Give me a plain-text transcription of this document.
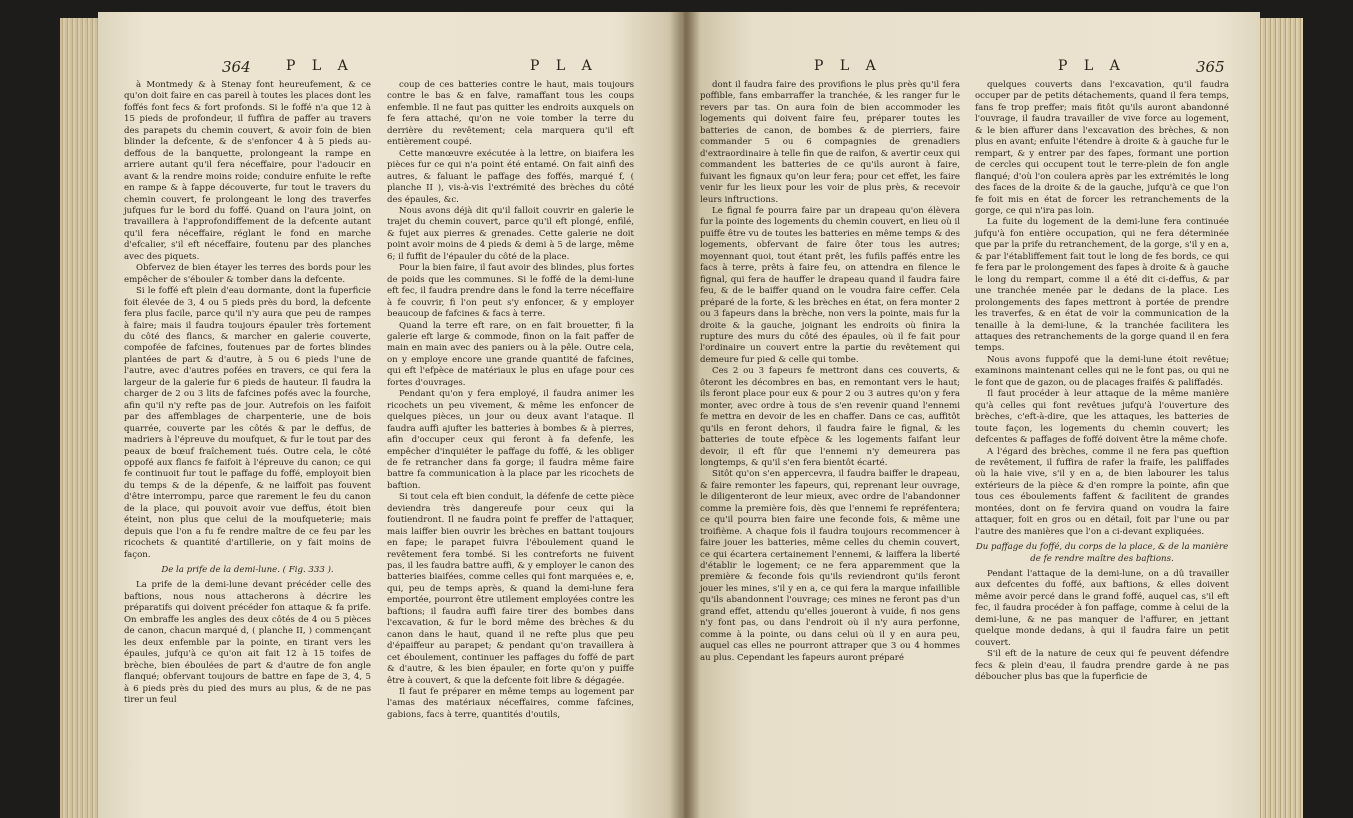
364	P L A	P L A	P L A	P L A	365

à Montmedy & à Stenay font heureufement, & ce qu'on doit faire en cas pareil à toutes les places dont les foffés font fecs & fort profonds. Si le foffé n'a que 12 à 15 pieds de profondeur, il fuffira de paffer au travers des parapets du chemin couvert, & avoir foin de bien blinder la defcente, & de s'enfoncer 4 à 5 pieds au-deffous de la banquette, prolongeant la rampe en arriere autant qu'il fera néceffaire, pour l'adoucir en avant & la rendre moins roide; conduire enfuite le refte en rampe & à fappe découverte, fur tout le travers du chemin couvert, fe prolongeant le long des traverfes jufques fur le bord du foffé. Quand on l'aura joint, on travaillera à l'approfondiffement de la defcente autant qu'il fera néceffaire, réglant le fond en marche d'efcalier, s'il eft néceffaire, foutenu par des planches avec des piquets.

Obfervez de bien étayer les terres des bords pour les empêcher de s'ébouler & tomber dans la defcente.

Si le foffé eft plein d'eau dormante, dont la fuperficie foit élevée de 3, 4 ou 5 pieds près du bord, la defcente fera plus facile, parce qu'il n'y aura que peu de rampes à faire; mais il faudra toujours épauler très fortement du côté des flancs, & marcher en galerie couverte, compofée de fafcines, foutenues par de fortes blindes plantées de part & d'autre, à 5 ou 6 pieds l'une de l'autre, avec d'autres pofées en travers, ce qui fera la largeur de la galerie fur 6 pieds de hauteur. Il faudra la charger de 2 ou 3 lits de fafcines pofés avec la fourche, afin qu'il n'y refte pas de jour. Autrefois on les faifoit par des affemblages de charpenterie, une de bois quarrée, couverte par les côtés & par le deffus, de madriers à l'épreuve du moufquet, & fur le tout par des peaux de bœuf fraîchement tués. Outre cela, le côté oppofé aux flancs fe faifoit à l'épreuve du canon; ce qui fe continuoit fur tout le paffage du foffé, employoit bien du temps & de la dépenfe, & ne laiffoit pas fouvent d'être interrompu, parce que rarement le feu du canon de la place, qui pouvoit avoir vue deffus, étoit bien éteint, non plus que celui de la moufqueterie; mais depuis que l'on a fu fe rendre maître de ce feu par les ricochets & quantité d'artillerie, on y fait moins de façon.

De la prife de la demi-lune. ( Fig. 333 ).

La prife de la demi-lune devant précéder celle des baftions, nous nous attacherons à décrire les préparatifs qui doivent précéder fon attaque & fa prife. On embraffe les angles des deux côtés de 4 ou 5 pièces de canon, chacun marqué d, ( planche II, ) commençant les deux enfemble par la pointe, en tirant vers les épaules, jufqu'à ce qu'on ait fait 12 à 15 toifes de brèche, bien éboulées de part & d'autre de fon angle flanqué; obfervant toujours de battre en fape de 3, 4, 5 à 6 pieds près du pied des murs au plus, & de ne pas tirer un feul

coup de ces batteries contre le haut, mais toujours contre le bas & en falve, ramaffant tous les coups enfemble. Il ne faut pas quitter les endroits auxquels on fe fera attaché, qu'on ne voie tomber la terre du derrière du revêtement; cela marquera qu'il eft entièrement coupé.

Cette manœuvre exécutée à la lettre, on biaifera les pièces fur ce qui n'a point été entamé. On fait ainfi des autres, & faluant le paffage des foffés, marqué f, ( planche II ), vis-à-vis l'extrémité des brèches du côté des épaules, &c.

Nous avons déjà dit qu'il falloit couvrir en galerie le trajet du chemin couvert, parce qu'il eft plongé, enfilé, & fujet aux pierres & grenades. Cette galerie ne doit point avoir moins de 4 pieds & demi à 5 de large, même 6; il fuffit de l'épauler du côté de la place.

Pour la bien faire, il faut avoir des blindes, plus fortes de poids que les communes. Si le foffé de la demi-lune eft fec, il faudra prendre dans le fond la terre néceffaire à fe couvrir, fi l'on peut s'y enfoncer, & y employer beaucoup de fafcines & facs à terre.

Quand la terre eft rare, on en fait brouetter, fi la galerie eft large & commode, finon on la fait paffer de main en main avec des paniers ou à la pêle. Outre cela, on y employe encore une grande quantité de fafcines, qui eft l'efpèce de matériaux le plus en ufage pour ces fortes d'ouvrages.

Pendant qu'on y fera employé, il faudra animer les ricochets un peu vivement, & même les enfoncer de quelques pièces, un jour ou deux avant l'ataque. Il faudra auffi ajufter les batteries à bombes & à pierres, afin d'occuper ceux qui feront à fa defenfe, les empêcher d'inquiéter le paffage du foffé, & les obliger de fe retrancher dans fa gorge; il faudra même faire battre fa communication à la place par les ricochets de baftion.

Si tout cela eft bien conduit, la défenfe de cette pièce deviendra très dangereufe pour ceux qui la foutiendront. Il ne faudra point fe preffer de l'attaquer, mais laiffer bien ouvrir les brèches en battant toujours en fape; le parapet fuivra l'éboulement quand le revêtement fera tombé. Si les contreforts ne fuivent pas, il les faudra battre auffi, & y employer le canon des batteries biaifées, comme celles qui font marquées e, e, qui, peu de temps après, & quand la demi-lune fera emportée, pourront être utilement employées contre les baftions; il faudra auffi faire tirer des bombes dans l'excavation, & fur le bord même des brèches & du canon dans le haut, quand il ne refte plus que peu d'épaiffeur au parapet; & pendant qu'on travaillera à cet éboulement, continuer les paffages du foffé de part & d'autre, & les bien épauler, en forte qu'on y puiffe être à couvert, & que la defcente foit libre & dégagée.

Il faut fe préparer en même temps au logement par l'amas des matériaux néceffaires, comme fafcines, gabions, facs à terre, quantités d'outils,

dont il faudra faire des provifions le plus près qu'il fera poffible, fans embarraffer la tranchée, & les ranger fur le revers par tas. On aura foin de bien accommoder les logements qui doivent faire feu, préparer toutes les batteries de canon, de bombes & de pierriers, faire commander 5 ou 6 compagnies de grenadiers d'extraordinaire à telle fin que de raifon, & avertir ceux qui commandent les batteries de ce qu'ils auront à faire, fuivant les fignaux qu'on leur fera; pour cet effet, les faire venir fur les lieux pour les voir de plus près, & recevoir leurs inftructions.

Le fignal fe pourra faire par un drapeau qu'on élèvera fur la pointe des logements du chemin couvert, en lieu où il puiffe être vu de toutes les batteries en même temps & des logements, obfervant de faire ôter tous les autres; moyennant quoi, tout étant prêt, les fufils paffés entre les facs à terre, prêts à faire feu, on attendra en filence le fignal, qui fera de hauffer le drapeau quand il faudra faire feu, & de le baiffer quand on le voudra faire ceffer. Cela préparé de la forte, & les brèches en état, on fera monter 2 ou 3 fapeurs dans la brèche, non vers la pointe, mais fur la droite & la gauche, joignant les endroits où finira la rupture des murs du côté des épaules, où il fe fait pour l'ordinaire un couvert entre la partie du revêtement qui demeure fur pied & celle qui tombe.

Ces 2 ou 3 fapeurs fe mettront dans ces couverts, & ôteront les décombres en bas, en remontant vers le haut; ils feront place pour eux & pour 2 ou 3 autres qu'on y fera monter, avec ordre à tous de s'en revenir quand l'ennemi fe mettra en devoir de les en chaffer. Dans ce cas, auffitôt qu'ils en feront dehors, il faudra faire le fignal, & les batteries de toute efpèce & les logements faifant leur devoir, il eft fûr que l'ennemi n'y demeurera pas longtemps, & qu'il s'en fera bientôt écarté.

Sitôt qu'on s'en appercevra, il faudra baiffer le drapeau, & faire remonter les fapeurs, qui, reprenant leur ouvrage, le diligenteront de leur mieux, avec ordre de l'abandonner comme la première fois, dès que l'ennemi fe repréfentera; ce qu'il pourra bien faire une feconde fois, & même une troifième. A chaque fois il faudra toujours recommencer à faire jouer les batteries, même celles du chemin couvert, ce qui écartera certainement l'ennemi, & laiffera la liberté d'établir le logement; ce ne fera apparemment que la première & feconde fois qu'ils reviendront qu'ils feront jouer les mines, s'il y en a, ce qui fera la marque infaillible qu'ils abandonnent l'ouvrage; ces mines ne feront pas d'un grand effet, attendu qu'elles joueront à vuide, fi nos gens n'y font pas, ou dans l'endroit où il n'y aura perfonne, comme à la pointe, ou dans celui où il y en aura peu, auquel cas elles ne pourront attraper que 3 ou 4 hommes au plus. Cependant les fapeurs auront préparé

quelques couverts dans l'excavation, qu'il faudra occuper par de petits détachements, quand il fera temps, fans fe trop preffer; mais fitôt qu'ils auront abandonné l'ouvrage, il faudra travailler de vive force au logement, & le bien affurer dans l'excavation des brèches, & non plus en avant; enfuite l'étendre à droite & à gauche fur le rempart, & y entrer par des fapes, formant une portion de cercles qui occupent tout le terre-plein de fon angle flanqué; d'où l'on coulera après par les extrémités le long des faces de la droite & de la gauche, jufqu'à ce que l'on fe foit mis en état de forcer les retranchements de la gorge, ce qui n'ira pas loin.

La fuite du logement de la demi-lune fera continuée jufqu'à fon entière occupation, qui ne fera déterminée que par la prife du retranchement, de la gorge, s'il y en a, & par l'établiffement fait tout le long de fes bords, ce qui fe fera par le prolongement des fapes à droite & à gauche le long du rempart, comme il a été dit ci-deffus, & par une tranchée menée par le dedans de la place. Les prolongements des fapes mettront à portée de prendre les traverfes, & en état de voir la communication de la tenaille à la demi-lune, & la tranchée facilitera les attaques des retranchements de la gorge quand il en fera temps.

Nous avons fuppofé que la demi-lune étoit revêtue; examinons maintenant celles qui ne le font pas, ou qui ne le font que de gazon, ou de placages fraifés & paliffadés.

Il faut procéder à leur attaque de la même manière qu'à celles qui font revêtues jufqu'à l'ouverture des brèches, c'eft-à-dire, que les attaques, les batteries de toute façon, les logements du chemin couvert; les defcentes & paffages de foffé doivent être la même chofe.

A l'égard des brèches, comme il ne fera pas queftion de revêtement, il fuffira de rafer la fraife, les paliffades où la haie vive, s'il y en a, de bien labourer les talus extérieurs de la pièce & d'en rompre la pointe, afin que tous ces éboulements faffent & facilitent de grandes montées, dont on fe fervira quand on voudra la faire attaquer, foit en gros ou en détail, foit par l'une ou par l'autre des manières que l'on a ci-devant expliquées.

Du paffage du foffé, du corps de la place, & de la manière de fe rendre maître des baftions.

Pendant l'attaque de la demi-lune, on a dû travailler aux defcentes du foffé, aux baftions, & elles doivent même avoir percé dans le grand foffé, auquel cas, s'il eft fec, il faudra procéder à fon paffage, comme à celui de la demi-lune, & ne pas manquer de l'affurer, en jettant quelque monde dedans, à qui il faudra faire un petit couvert.

S'il eft de la nature de ceux qui fe peuvent défendre fecs & plein d'eau, il faudra prendre garde à ne pas déboucher plus bas que la fuperficie de
